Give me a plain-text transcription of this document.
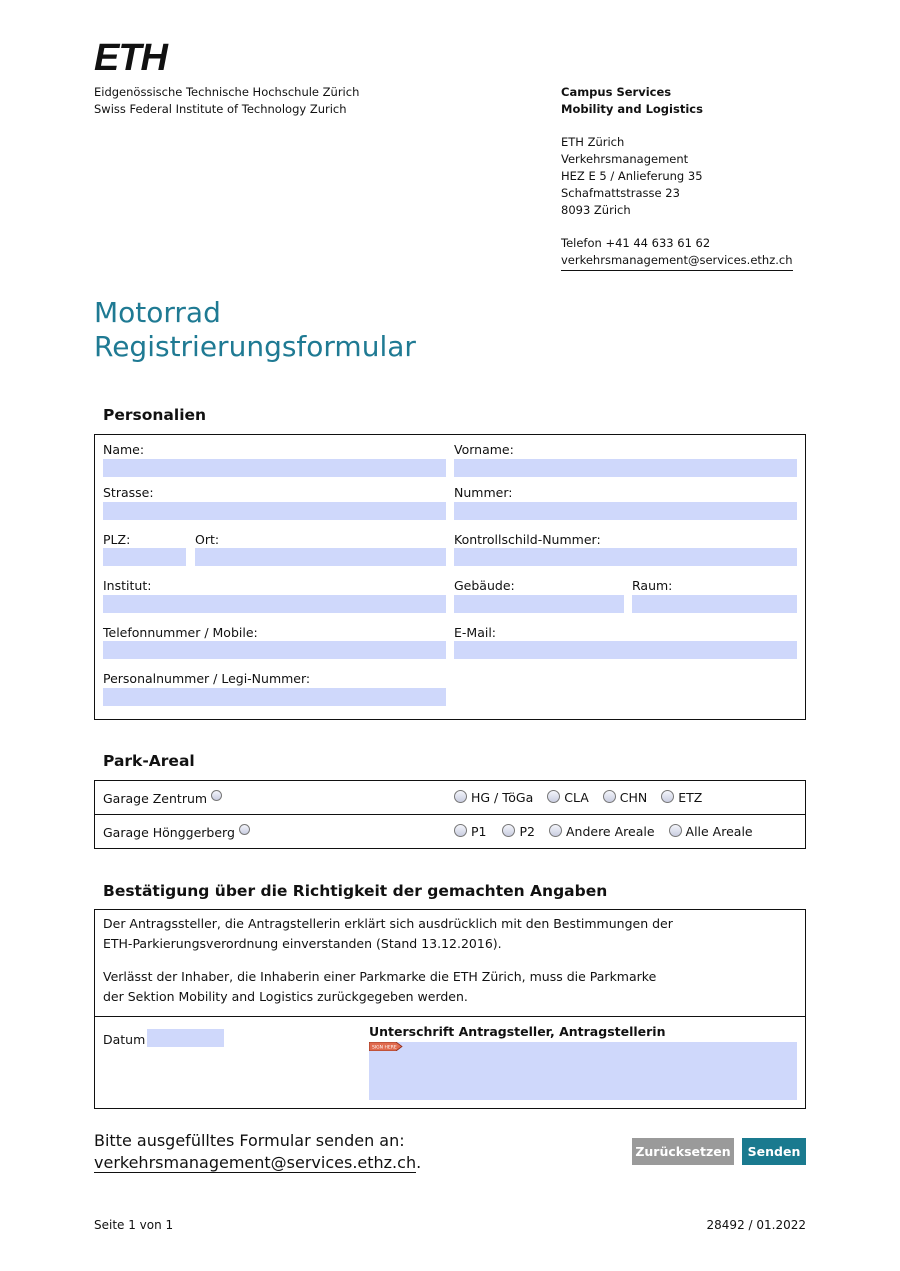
ETH
Eidgenössische Technische Hochschule Zürich
Swiss Federal Institute of Technology Zurich
Campus Services
Mobility and Logistics
ETH Zürich
Verkehrsmanagement
HEZ E 5 / Anlieferung 35
Schafmattstrasse 23
8093 Zürich
Telefon +41 44 633 61 62
verkehrsmanagement@services.ethz.ch
Motorrad
Registrierungsformular
Personalien
Name:	Vorname:
Strasse:	Nummer:
PLZ:	Ort:	Kontrollschild-Nummer:
Institut:	Gebäude:	Raum:
Telefonnummer / Mobile:	E-Mail:
Personalnummer / Legi-Nummer:
Park-Areal
Garage Zentrum	HG / TöGa CLA CHN ETZ
Garage Hönggerberg	P1	P2 Andere Areale Alle Areale
Bestätigung über die Richtigkeit der gemachten Angaben
Der Antragssteller, die Antragstellerin erklärt sich ausdrücklich mit den Bestimmungen der
ETH-Parkierungsverordnung einverstanden (Stand 13.12.2016).
Verlässt der Inhaber, die Inhaberin einer Parkmarke die ETH Zürich, muss die Parkmarke
der Sektion Mobility and Logistics zurückgegeben werden.
Datum
Unterschrift Antragsteller, Antragstellerin
SIGN HERE
Bitte ausgefülltes Formular senden an:
verkehrsmanagement@services.ethz.ch.
Zurücksetzen	Senden
Seite 1 von 1	28492 / 01.2022
